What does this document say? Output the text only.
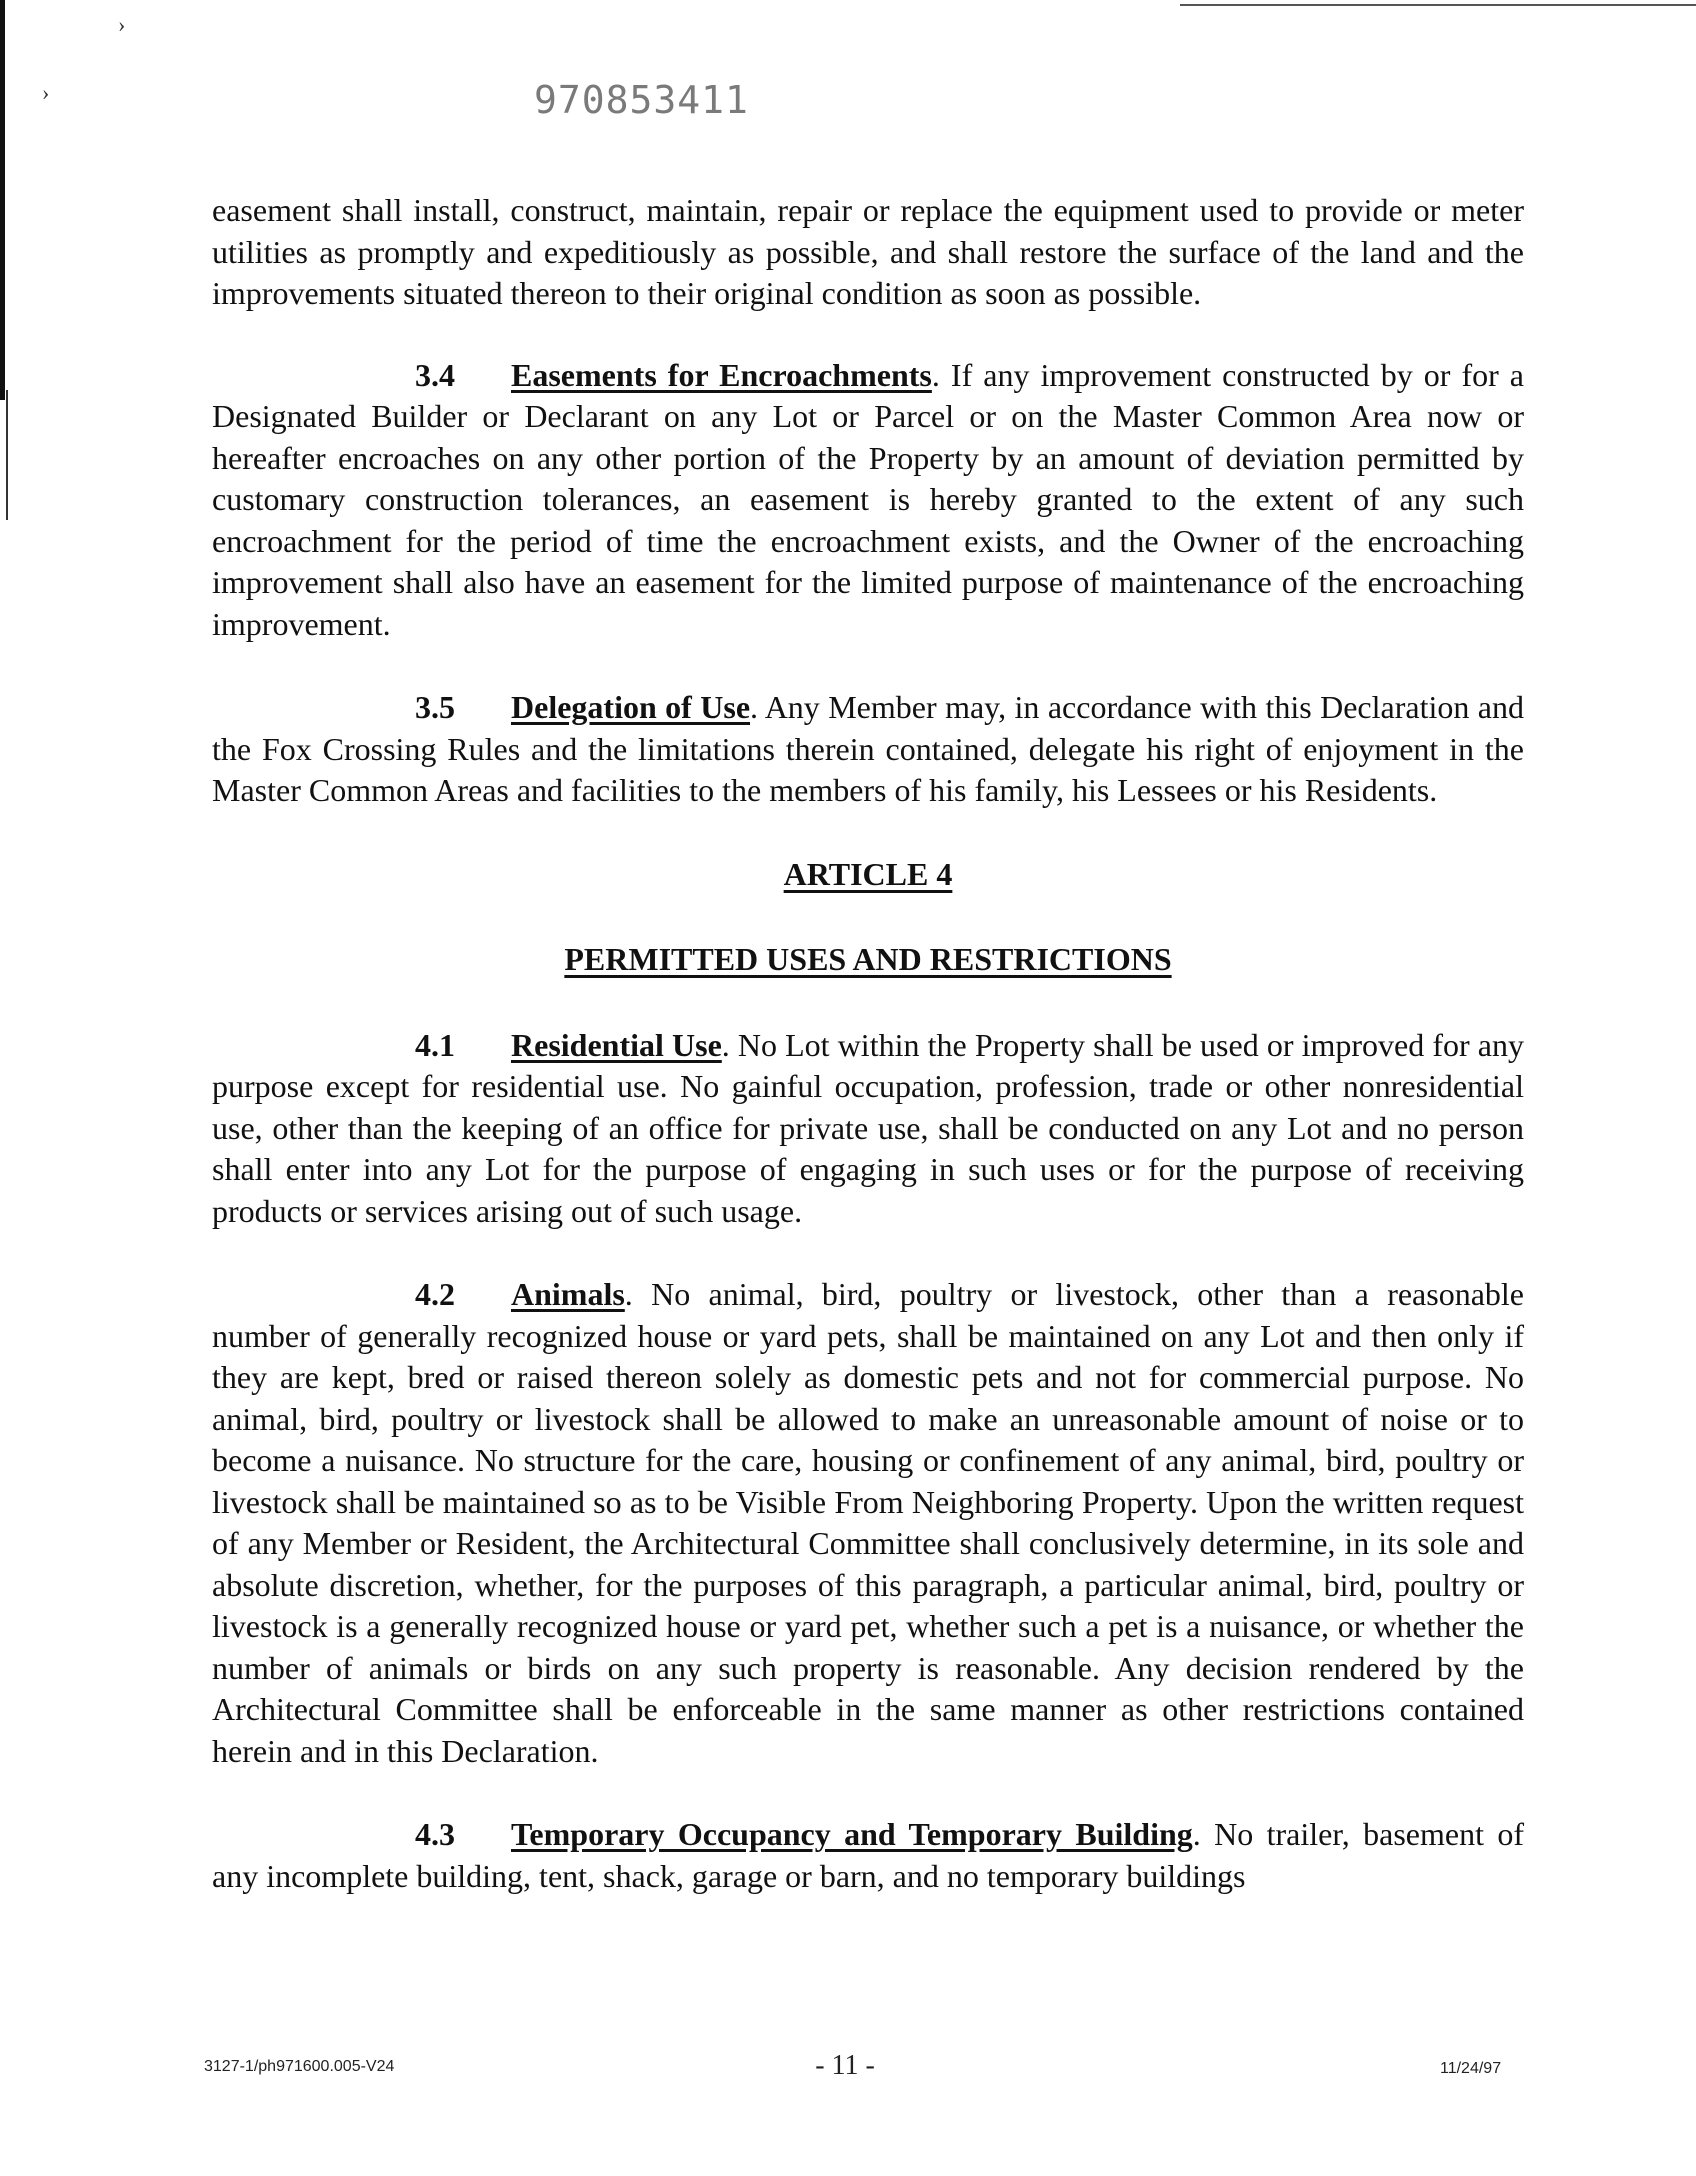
›
›	970853411

easement shall install, construct, maintain, repair or replace the equipment used to provide or meter utilities as promptly and expeditiously as possible, and shall restore the surface of the land and the improvements situated thereon to their original condition as soon as possible.

3.4 Easements for Encroachments. If any improvement constructed by or for a Designated Builder or Declarant on any Lot or Parcel or on the Master Common Area now or hereafter encroaches on any other portion of the Property by an amount of deviation permitted by customary construction tolerances, an easement is hereby granted to the extent of any such encroachment for the period of time the encroachment exists, and the Owner of the encroaching improvement shall also have an easement for the limited purpose of maintenance of the encroaching improvement.

3.5 Delegation of Use. Any Member may, in accordance with this Declaration and the Fox Crossing Rules and the limitations therein contained, delegate his right of enjoyment in the Master Common Areas and facilities to the members of his family, his Lessees or his Residents.

ARTICLE 4
PERMITTED USES AND RESTRICTIONS

4.1 Residential Use. No Lot within the Property shall be used or improved for any purpose except for residential use. No gainful occupation, profession, trade or other nonresidential use, other than the keeping of an office for private use, shall be conducted on any Lot and no person shall enter into any Lot for the purpose of engaging in such uses or for the purpose of receiving products or services arising out of such usage.

4.2 Animals. No animal, bird, poultry or livestock, other than a reasonable number of generally recognized house or yard pets, shall be maintained on any Lot and then only if they are kept, bred or raised thereon solely as domestic pets and not for commercial purpose. No animal, bird, poultry or livestock shall be allowed to make an unreasonable amount of noise or to become a nuisance. No structure for the care, housing or confinement of any animal, bird, poultry or livestock shall be maintained so as to be Visible From Neighboring Property. Upon the written request of any Member or Resident, the Architectural Committee shall conclusively determine, in its sole and absolute discretion, whether, for the purposes of this paragraph, a particular animal, bird, poultry or livestock is a generally recognized house or yard pet, whether such a pet is a nuisance, or whether the number of animals or birds on any such property is reasonable. Any decision rendered by the Architectural Committee shall be enforceable in the same manner as other restrictions contained herein and in this Declaration.

4.3 Temporary Occupancy and Temporary Building. No trailer, basement of any incomplete building, tent, shack, garage or barn, and no temporary buildings

3127-1/ph971600.005-V24	- 11 -	11/24/97
